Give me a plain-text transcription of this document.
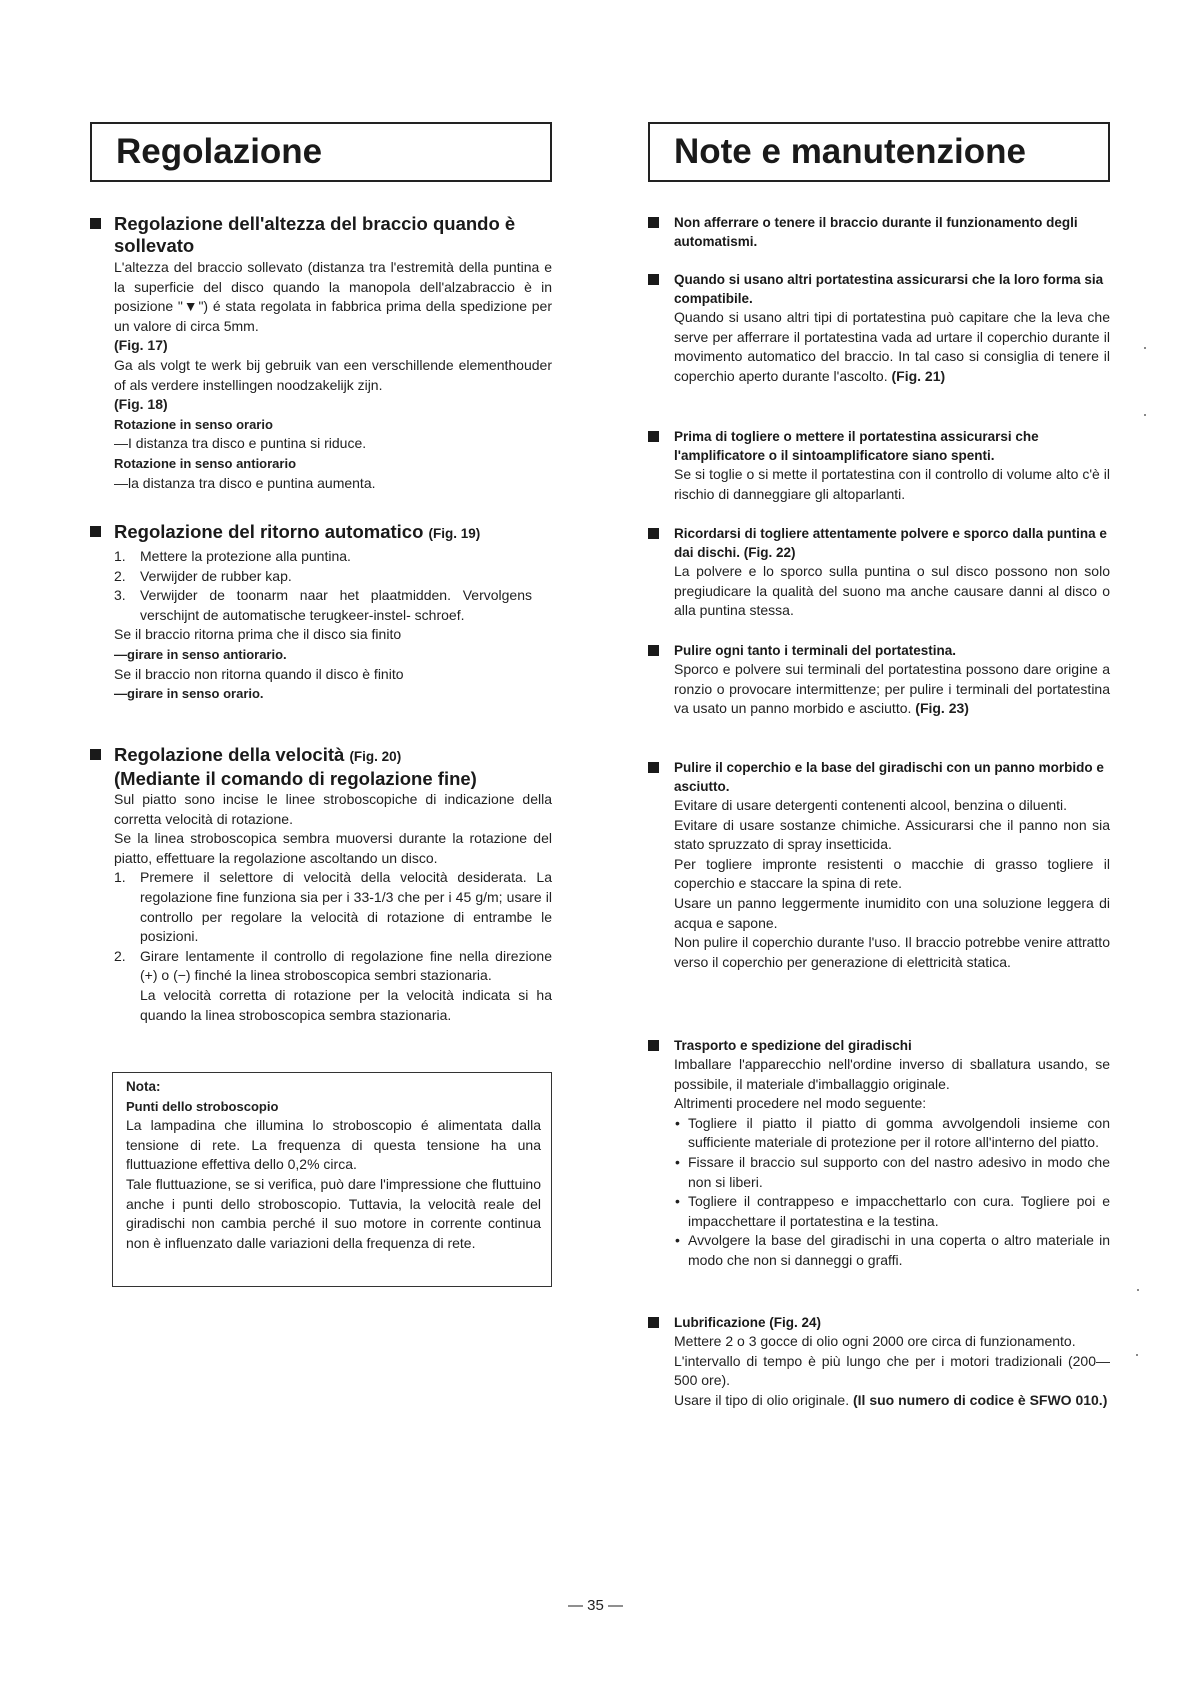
Regolazione	Note e manutenzione
Regolazione dell'altezza del braccio quando è sollevato

L'altezza del braccio sollevato (distanza tra l'estremità della puntina e la superficie del disco quando la manopola dell'alzabraccio è in posizione "▼") é stata regolata in fabbrica prima della spedizione per un valore di circa 5mm.

(Fig. 17)

Ga als volgt te werk bij gebruik van een verschillende elementhouder of als verdere instellingen noodzakelijk zijn.

(Fig. 18)

Rotazione in senso orario

—I distanza tra disco e puntina si riduce.

Rotazione in senso antiorario

—la distanza tra disco e puntina aumenta.

Regolazione del ritorno automatico (Fig. 19)
1. Mettere la protezione alla puntina.
2. Verwijder de rubber kap.
3. Verwijder de toonarm naar het plaatmidden. Vervolgens verschijnt de automatische terugkeer-instel- schroef.

Se il braccio ritorna prima che il disco sia finito

—girare in senso antiorario.

Se il braccio non ritorna quando il disco è finito

—girare in senso orario.

Regolazione della velocità (Fig. 20)
(Mediante il comando di regolazione fine)

Sul piatto sono incise le linee stroboscopiche di indicazione della corretta velocità di rotazione.

Se la linea stroboscopica sembra muoversi durante la rotazione del piatto, effettuare la regolazione ascoltando un disco.

1. Premere il selettore di velocità della velocità desiderata. La regolazione fine funziona sia per i 33-1/3 che per i 45 g/m; usare il controllo per regolare la velocità di rotazione di entrambe le posizioni.
2. Girare lentamente il controllo di regolazione fine nella direzione (+) o (−) finché la linea stroboscopica sembri stazionaria.

La velocità corretta di rotazione per la velocità indicata si ha quando la linea stroboscopica sembra stazionaria.

Nota:

Punti dello stroboscopio

La lampadina che illumina lo stroboscopio é alimentata dalla tensione di rete. La frequenza di questa tensione ha una fluttuazione effettiva dello 0,2% circa.

Tale fluttuazione, se si verifica, può dare l'impressione che fluttuino anche i punti dello stroboscopio. Tuttavia, la velocità reale del giradischi non cambia perché il suo motore in corrente continua non è influenzato dalle variazioni della frequenza di rete.

Non afferrare o tenere il braccio durante il funzionamento degli automatismi.
Quando si usano altri portatestina assicurarsi che la loro forma sia compatibile.

Quando si usano altri tipi di portatestina può capitare che la leva che serve per afferrare il portatestina vada ad urtare il coperchio durante il movimento automatico del braccio. In tal caso si consiglia di tenere il coperchio aperto durante l'ascolto. (Fig. 21)

Prima di togliere o mettere il portatestina assicurarsi che l'amplificatore o il sintoamplificatore siano spenti.

Se si toglie o si mette il portatestina con il controllo di volume alto c'è il rischio di danneggiare gli altoparlanti.

Ricordarsi di togliere attentamente polvere e sporco dalla puntina e dai dischi. (Fig. 22)

La polvere e lo sporco sulla puntina o sul disco possono non solo pregiudicare la qualità del suono ma anche causare danni al disco o alla puntina stessa.

Pulire ogni tanto i terminali del portatestina.

Sporco e polvere sui terminali del portatestina possono dare origine a ronzio o provocare intermittenze; per pulire i terminali del portatestina va usato un panno morbido e asciutto. (Fig. 23)

Pulire il coperchio e la base del giradischi con un panno morbido e asciutto.

Evitare di usare detergenti contenenti alcool, benzina o diluenti.

Evitare di usare sostanze chimiche. Assicurarsi che il panno non sia stato spruzzato di spray insetticida.

Per togliere impronte resistenti o macchie di grasso togliere il coperchio e staccare la spina di rete.

Usare un panno leggermente inumidito con una soluzione leggera di acqua e sapone.

Non pulire il coperchio durante l'uso. Il braccio potrebbe venire attratto verso il coperchio per generazione di elettricità statica.

Trasporto e spedizione del giradischi

Imballare l'apparecchio nell'ordine inverso di sballatura usando, se possibile, il materiale d'imballaggio originale.

Altrimenti procedere nel modo seguente:

• Togliere il piatto il piatto di gomma avvolgendoli insieme con sufficiente materiale di protezione per il rotore all'interno del piatto.
• Fissare il braccio sul supporto con del nastro adesivo in modo che non si liberi.
• Togliere il contrappeso e impacchettarlo con cura. Togliere poi e impacchettare il portatestina e la testina.
• Avvolgere la base del giradischi in una coperta o altro materiale in modo che non si danneggi o graffi.
Lubrificazione (Fig. 24)

Mettere 2 o 3 gocce di olio ogni 2000 ore circa di funzionamento.

L'intervallo di tempo è più lungo che per i motori tradizionali (200—500 ore).

Usare il tipo di olio originale. (Il suo numero di codice è SFWO 010.)

— 35 —
